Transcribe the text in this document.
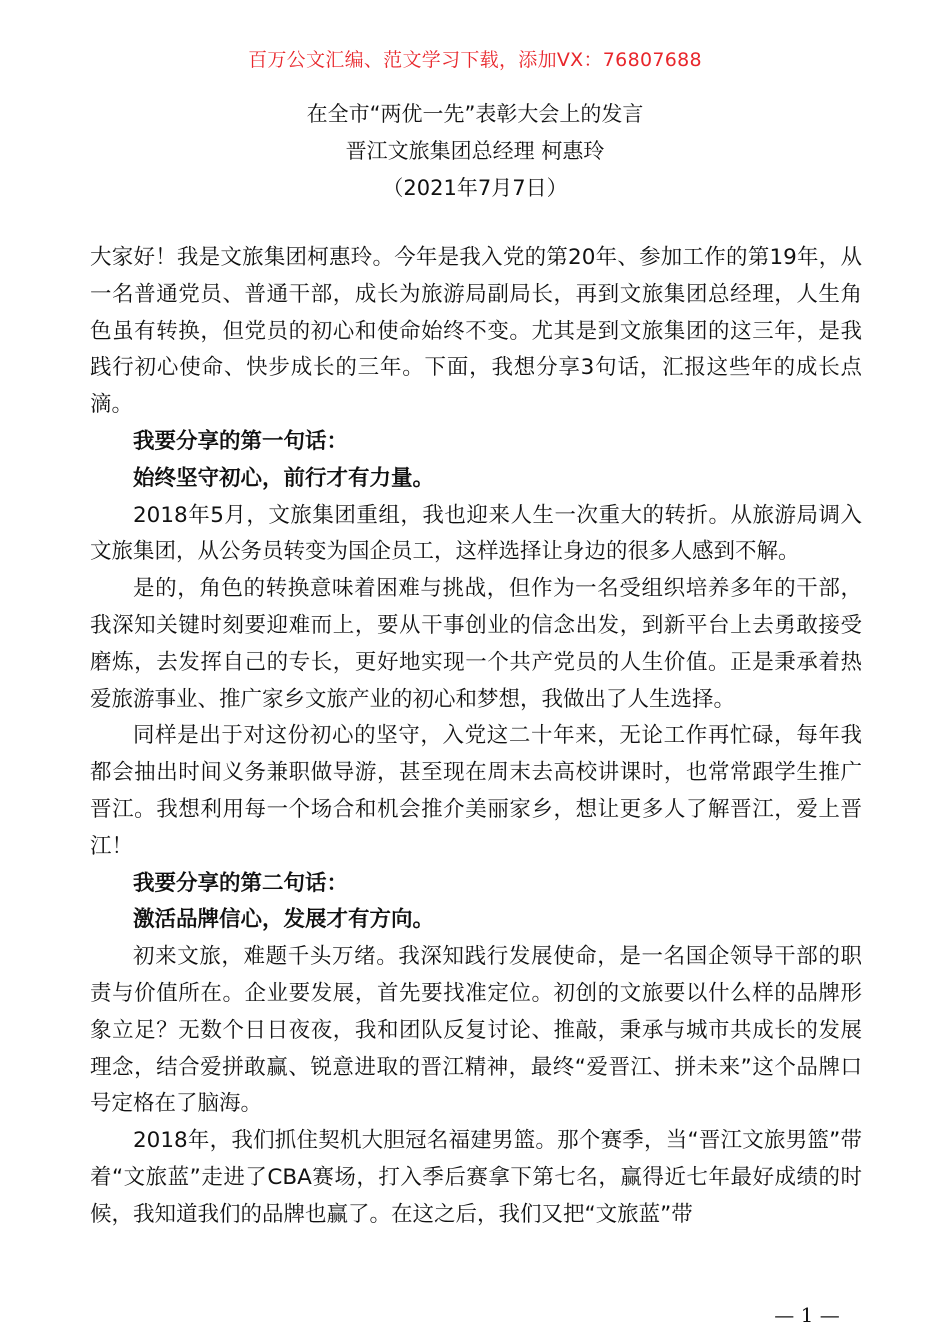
百万公文汇编、范文学习下载，添加VX：76807688
在全市“两优一先”表彰大会上的发言
晋江文旅集团总经理 柯惠玲
（2021年7月7日）

大家好！我是文旅集团柯惠玲。今年是我入党的第20年、参加工作的第19年，从一名普通党员、普通干部，成长为旅游局副局长，再到文旅集团总经理，人生角色虽有转换，但党员的初心和使命始终不变。尤其是到文旅集团的这三年，是我践行初心使命、快步成长的三年。下面，我想分享3句话，汇报这些年的成长点滴。

我要分享的第一句话：

始终坚守初心，前行才有力量。

2018年5月，文旅集团重组，我也迎来人生一次重大的转折。从旅游局调入文旅集团，从公务员转变为国企员工，这样选择让身边的很多人感到不解。

是的，角色的转换意味着困难与挑战，但作为一名受组织培养多年的干部，我深知关键时刻要迎难而上，要从干事创业的信念出发，到新平台上去勇敢接受磨炼，去发挥自己的专长，更好地实现一个共产党员的人生价值。正是秉承着热爱旅游事业、推广家乡文旅产业的初心和梦想，我做出了人生选择。

同样是出于对这份初心的坚守，入党这二十年来，无论工作再忙碌，每年我都会抽出时间义务兼职做导游，甚至现在周末去高校讲课时，也常常跟学生推广晋江。我想利用每一个场合和机会推介美丽家乡，想让更多人了解晋江，爱上晋江！

我要分享的第二句话：

激活品牌信心，发展才有方向。

初来文旅，难题千头万绪。我深知践行发展使命，是一名国企领导干部的职责与价值所在。企业要发展，首先要找准定位。初创的文旅要以什么样的品牌形象立足？无数个日日夜夜，我和团队反复讨论、推敲，秉承与城市共成长的发展理念，结合爱拼敢赢、锐意进取的晋江精神，最终“爱晋江、拼未来”这个品牌口号定格在了脑海。

2018年，我们抓住契机大胆冠名福建男篮。那个赛季，当“晋江文旅男篮”带着“文旅蓝”走进了CBA赛场，打入季后赛拿下第七名，赢得近七年最好成绩的时候，我知道我们的品牌也赢了。在这之后，我们又把“文旅蓝”带

— 1 —
